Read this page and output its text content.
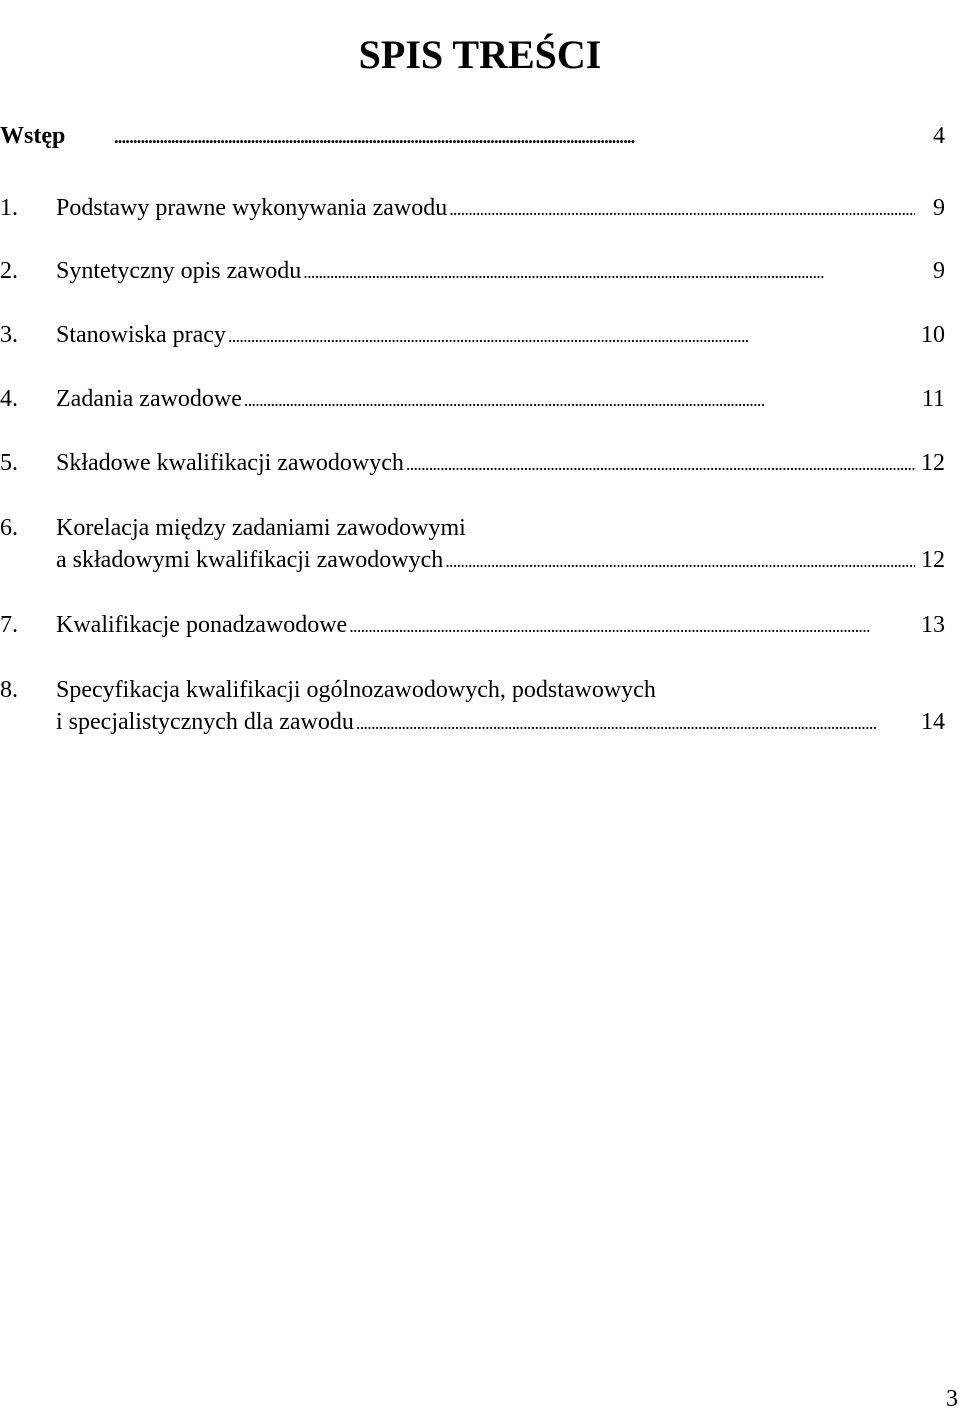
SPIS TREŚCI
Wstęp . . .	4
1. Podstawy prawne wykonywania zawodu . . .	9
2. Syntetyczny opis zawodu . . .	9
3. Stanowiska pracy . . .	10
4. Zadania zawodowe . . .	11
5. Składowe kwalifikacji zawodowych . . .	12
6. Korelacja między zadaniami zawodowymi
a składowymi kwalifikacji zawodowych . . .	12
7. Kwalifikacje ponadzawodowe . . .	13
8. Specyfikacja kwalifikacji ogólnozawodowych, podstawowych
i specjalistycznych dla zawodu . . .	14
3
